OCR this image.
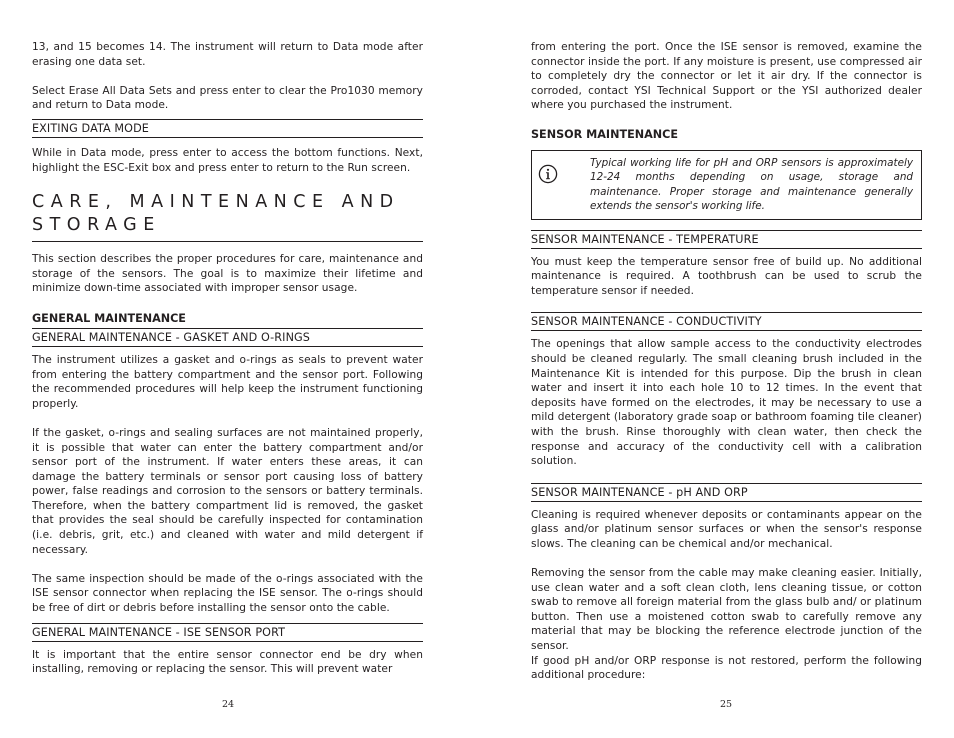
13, and 15 becomes 14. The instrument will return to Data mode after erasing one data set.

Select Erase All Data Sets and press enter to clear the Pro1030 memory and return to Data mode.

EXITING DATA MODE

While in Data mode, press enter to access the bottom functions. Next, highlight the ESC-Exit box and press enter to return to the Run screen.

CARE, MAINTENANCE AND
STORAGE

This section describes the proper procedures for care, maintenance and storage of the sensors. The goal is to maximize their lifetime and minimize down-time associated with improper sensor usage.

GENERAL MAINTENANCE
GENERAL MAINTENANCE - GASKET AND O-RINGS

The instrument utilizes a gasket and o-rings as seals to prevent water from entering the battery compartment and the sensor port. Following the recommended procedures will help keep the instrument functioning properly.

If the gasket, o-rings and sealing surfaces are not maintained properly, it is possible that water can enter the battery compartment and/or sensor port of the instrument. If water enters these areas, it can damage the battery terminals or sensor port causing loss of battery power, false readings and corrosion to the sensors or battery terminals. Therefore, when the battery compartment lid is removed, the gasket that provides the seal should be carefully inspected for contamination (i.e. debris, grit, etc.) and cleaned with water and mild detergent if necessary.

The same inspection should be made of the o-rings associated with the ISE sensor connector when replacing the ISE sensor. The o-rings should be free of dirt or debris before installing the sensor onto the cable.

GENERAL MAINTENANCE - ISE SENSOR PORT

It is important that the entire sensor connector end be dry when installing, removing or replacing the sensor. This will prevent water

24

from entering the port. Once the ISE sensor is removed, examine the connector inside the port. If any moisture is present, use compressed air to completely dry the connector or let it air dry. If the connector is corroded, contact YSI Technical Support or the YSI authorized dealer where you purchased the instrument.

SENSOR MAINTENANCE
Typical working life for pH and ORP sensors is approximately 12-24 months depending on usage, storage and maintenance. Proper storage and maintenance generally extends the sensor's working life.
SENSOR MAINTENANCE - TEMPERATURE

You must keep the temperature sensor free of build up. No additional maintenance is required. A toothbrush can be used to scrub the temperature sensor if needed.

SENSOR MAINTENANCE - CONDUCTIVITY

The openings that allow sample access to the conductivity electrodes should be cleaned regularly. The small cleaning brush included in the Maintenance Kit is intended for this purpose. Dip the brush in clean water and insert it into each hole 10 to 12 times. In the event that deposits have formed on the electrodes, it may be necessary to use a mild detergent (laboratory grade soap or bathroom foaming tile cleaner) with the brush. Rinse thoroughly with clean water, then check the response and accuracy of the conductivity cell with a calibration solution.

SENSOR MAINTENANCE - pH AND ORP

Cleaning is required whenever deposits or contaminants appear on the glass and/or platinum sensor surfaces or when the sensor's response slows. The cleaning can be chemical and/or mechanical.

Removing the sensor from the cable may make cleaning easier. Initially, use clean water and a soft clean cloth, lens cleaning tissue, or cotton swab to remove all foreign material from the glass bulb and/ or platinum button. Then use a moistened cotton swab to carefully remove any material that may be blocking the reference electrode junction of the sensor.

If good pH and/or ORP response is not restored, perform the following additional procedure:

25
